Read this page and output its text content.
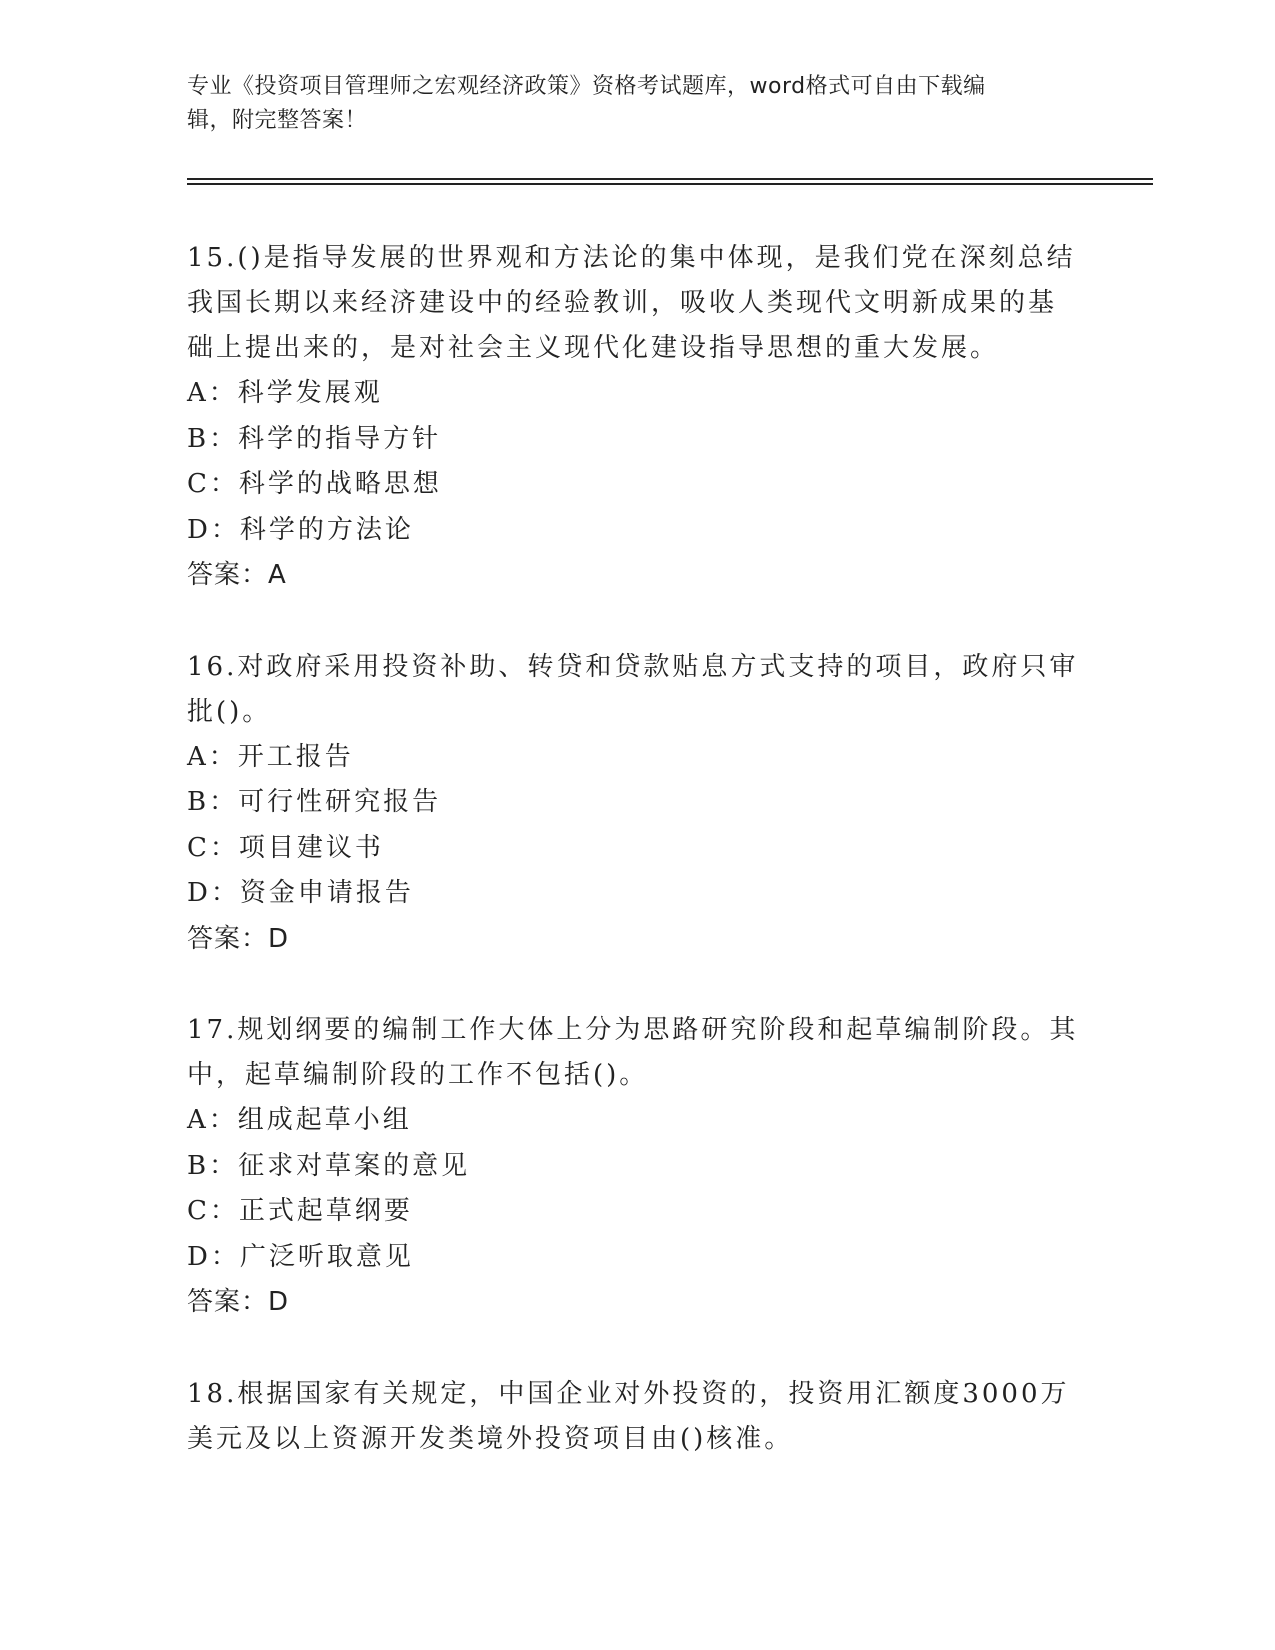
专业《投资项目管理师之宏观经济政策》资格考试题库，word格式可自由下载编
辑，附完整答案！
15.()是指导发展的世界观和方法论的集中体现，是我们党在深刻总结
我国长期以来经济建设中的经验教训，吸收人类现代文明新成果的基
础上提出来的，是对社会主义现代化建设指导思想的重大发展。
A：科学发展观
B：科学的指导方针
C：科学的战略思想
D：科学的方法论
答案：A
16.对政府采用投资补助、转贷和贷款贴息方式支持的项目，政府只审
批()。
A：开工报告
B：可行性研究报告
C：项目建议书
D：资金申请报告
答案：D
17.规划纲要的编制工作大体上分为思路研究阶段和起草编制阶段。其
中，起草编制阶段的工作不包括()。
A：组成起草小组
B：征求对草案的意见
C：正式起草纲要
D：广泛听取意见
答案：D
18.根据国家有关规定，中国企业对外投资的，投资用汇额度3000万
美元及以上资源开发类境外投资项目由()核准。
